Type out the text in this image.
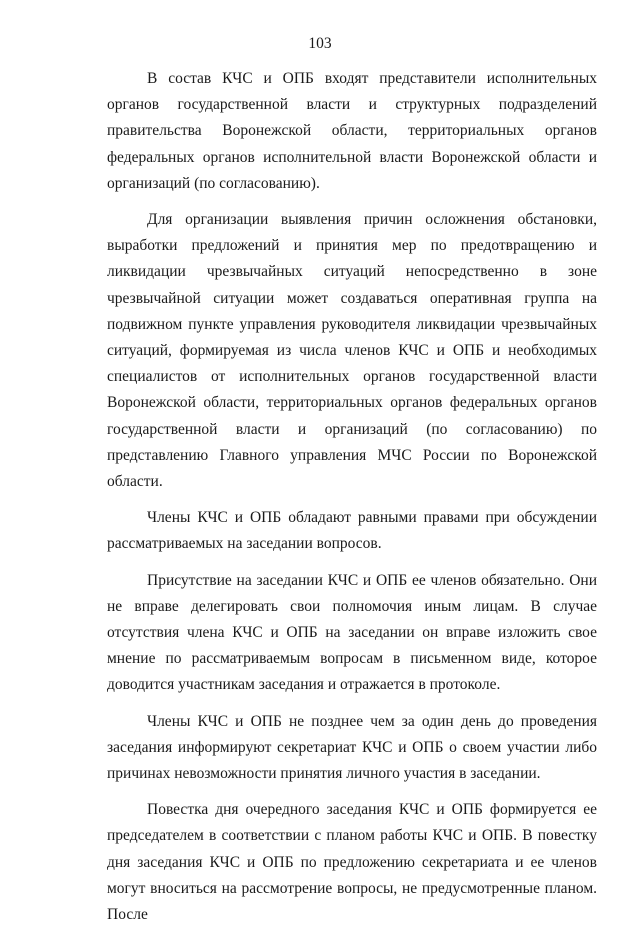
103

В состав КЧС и ОПБ входят представители исполнительных органов государственной власти и структурных подразделений правительства Воронежской области, территориальных органов федеральных органов исполнительной власти Воронежской области и организаций (по согласованию).

Для организации выявления причин осложнения обстановки, выработки предложений и принятия мер по предотвращению и ликвидации чрезвычайных ситуаций непосредственно в зоне чрезвычайной ситуации может создаваться оперативная группа на подвижном пункте управления руководителя ликвидации чрезвычайных ситуаций, формируемая из числа членов КЧС и ОПБ и необходимых специалистов от исполнительных органов государственной власти Воронежской области, территориальных органов федеральных органов государственной власти и организаций (по согласованию) по представлению Главного управления МЧС России по Воронежской области.

Члены КЧС и ОПБ обладают равными правами при обсуждении рассматриваемых на заседании вопросов.

Присутствие на заседании КЧС и ОПБ ее членов обязательно. Они не вправе делегировать свои полномочия иным лицам. В случае отсутствия члена КЧС и ОПБ на заседании он вправе изложить свое мнение по рассматриваемым вопросам в письменном виде, которое доводится участникам заседания и отражается в протоколе.

Члены КЧС и ОПБ не позднее чем за один день до проведения заседания информируют секретариат КЧС и ОПБ о своем участии либо причинах невозможности принятия личного участия в заседании.

Повестка дня очередного заседания КЧС и ОПБ формируется ее председателем в соответствии с планом работы КЧС и ОПБ. В повестку дня заседания КЧС и ОПБ по предложению секретариата и ее членов могут вноситься на рассмотрение вопросы, не предусмотренные планом. После
